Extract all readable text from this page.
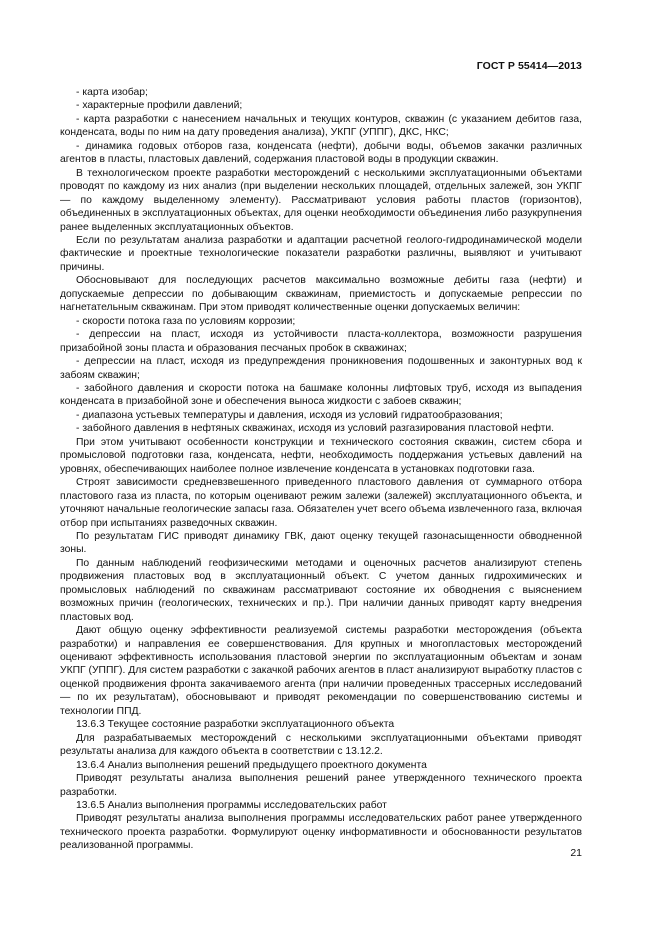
ГОСТ Р 55414—2013

- карта изобар;

- характерные профили давлений;

- карта разработки с нанесением начальных и текущих контуров, скважин (с указанием дебитов газа, конденсата, воды по ним на дату проведения анализа), УКПГ (УППГ), ДКС, НКС;

- динамика годовых отборов газа, конденсата (нефти), добычи воды, объемов закачки различных агентов в пласты, пластовых давлений, содержания пластовой воды в продукции скважин.

В технологическом проекте разработки месторождений с несколькими эксплуатационными объектами проводят по каждому из них анализ (при выделении нескольких площадей, отдельных залежей, зон УКПГ — по каждому выделенному элементу). Рассматривают условия работы пластов (горизонтов), объединенных в эксплуатационных объектах, для оценки необходимости объединения либо разукрупнения ранее выделенных эксплуатационных объектов.

Если по результатам анализа разработки и адаптации расчетной геолого-гидродинамической модели фактические и проектные технологические показатели разработки различны, выявляют и учитывают причины.

Обосновывают для последующих расчетов максимально возможные дебиты газа (нефти) и допускаемые депрессии по добывающим скважинам, приемистость и допускаемые репрессии по нагнетательным скважинам. При этом приводят количественные оценки допускаемых величин:

- скорости потока газа по условиям коррозии;

- депрессии на пласт, исходя из устойчивости пласта-коллектора, возможности разрушения призабойной зоны пласта и образования песчаных пробок в скважинах;

- депрессии на пласт, исходя из предупреждения проникновения подошвенных и законтурных вод к забоям скважин;

- забойного давления и скорости потока на башмаке колонны лифтовых труб, исходя из выпадения конденсата в призабойной зоне и обеспечения выноса жидкости с забоев скважин;

- диапазона устьевых температуры и давления, исходя из условий гидратообразования;

- забойного давления в нефтяных скважинах, исходя из условий разгазирования пластовой нефти.

При этом учитывают особенности конструкции и технического состояния скважин, систем сбора и промысловой подготовки газа, конденсата, нефти, необходимость поддержания устьевых давлений на уровнях, обеспечивающих наиболее полное извлечение конденсата в установках подготовки газа.

Строят зависимости средневзвешенного приведенного пластового давления от суммарного отбора пластового газа из пласта, по которым оценивают режим залежи (залежей) эксплуатационного объекта, и уточняют начальные геологические запасы газа. Обязателен учет всего объема извлеченного газа, включая отбор при испытаниях разведочных скважин.

По результатам ГИС приводят динамику ГВК, дают оценку текущей газонасыщенности обводненной зоны.

По данным наблюдений геофизическими методами и оценочных расчетов анализируют степень продвижения пластовых вод в эксплуатационный объект. С учетом данных гидрохимических и промысловых наблюдений по скважинам рассматривают состояние их обводнения с выяснением возможных причин (геологических, технических и пр.). При наличии данных приводят карту внедрения пластовых вод.

Дают общую оценку эффективности реализуемой системы разработки месторождения (объекта разработки) и направления ее совершенствования. Для крупных и многопластовых месторождений оценивают эффективность использования пластовой энергии по эксплуатационным объектам и зонам УКПГ (УППГ). Для систем разработки с закачкой рабочих агентов в пласт анализируют выработку пластов с оценкой продвижения фронта закачиваемого агента (при наличии проведенных трассерных исследований — по их результатам), обосновывают и приводят рекомендации по совершенствованию системы и технологии ППД.

13.6.3 Текущее состояние разработки эксплуатационного объекта

Для разрабатываемых месторождений с несколькими эксплуатационными объектами приводят результаты анализа для каждого объекта в соответствии с 13.12.2.

13.6.4 Анализ выполнения решений предыдущего проектного документа

Приводят результаты анализа выполнения решений ранее утвержденного технического проекта разработки.

13.6.5 Анализ выполнения программы исследовательских работ

Приводят результаты анализа выполнения программы исследовательских работ ранее утвержденного технического проекта разработки. Формулируют оценку информативности и обоснованности результатов реализованной программы.

21
